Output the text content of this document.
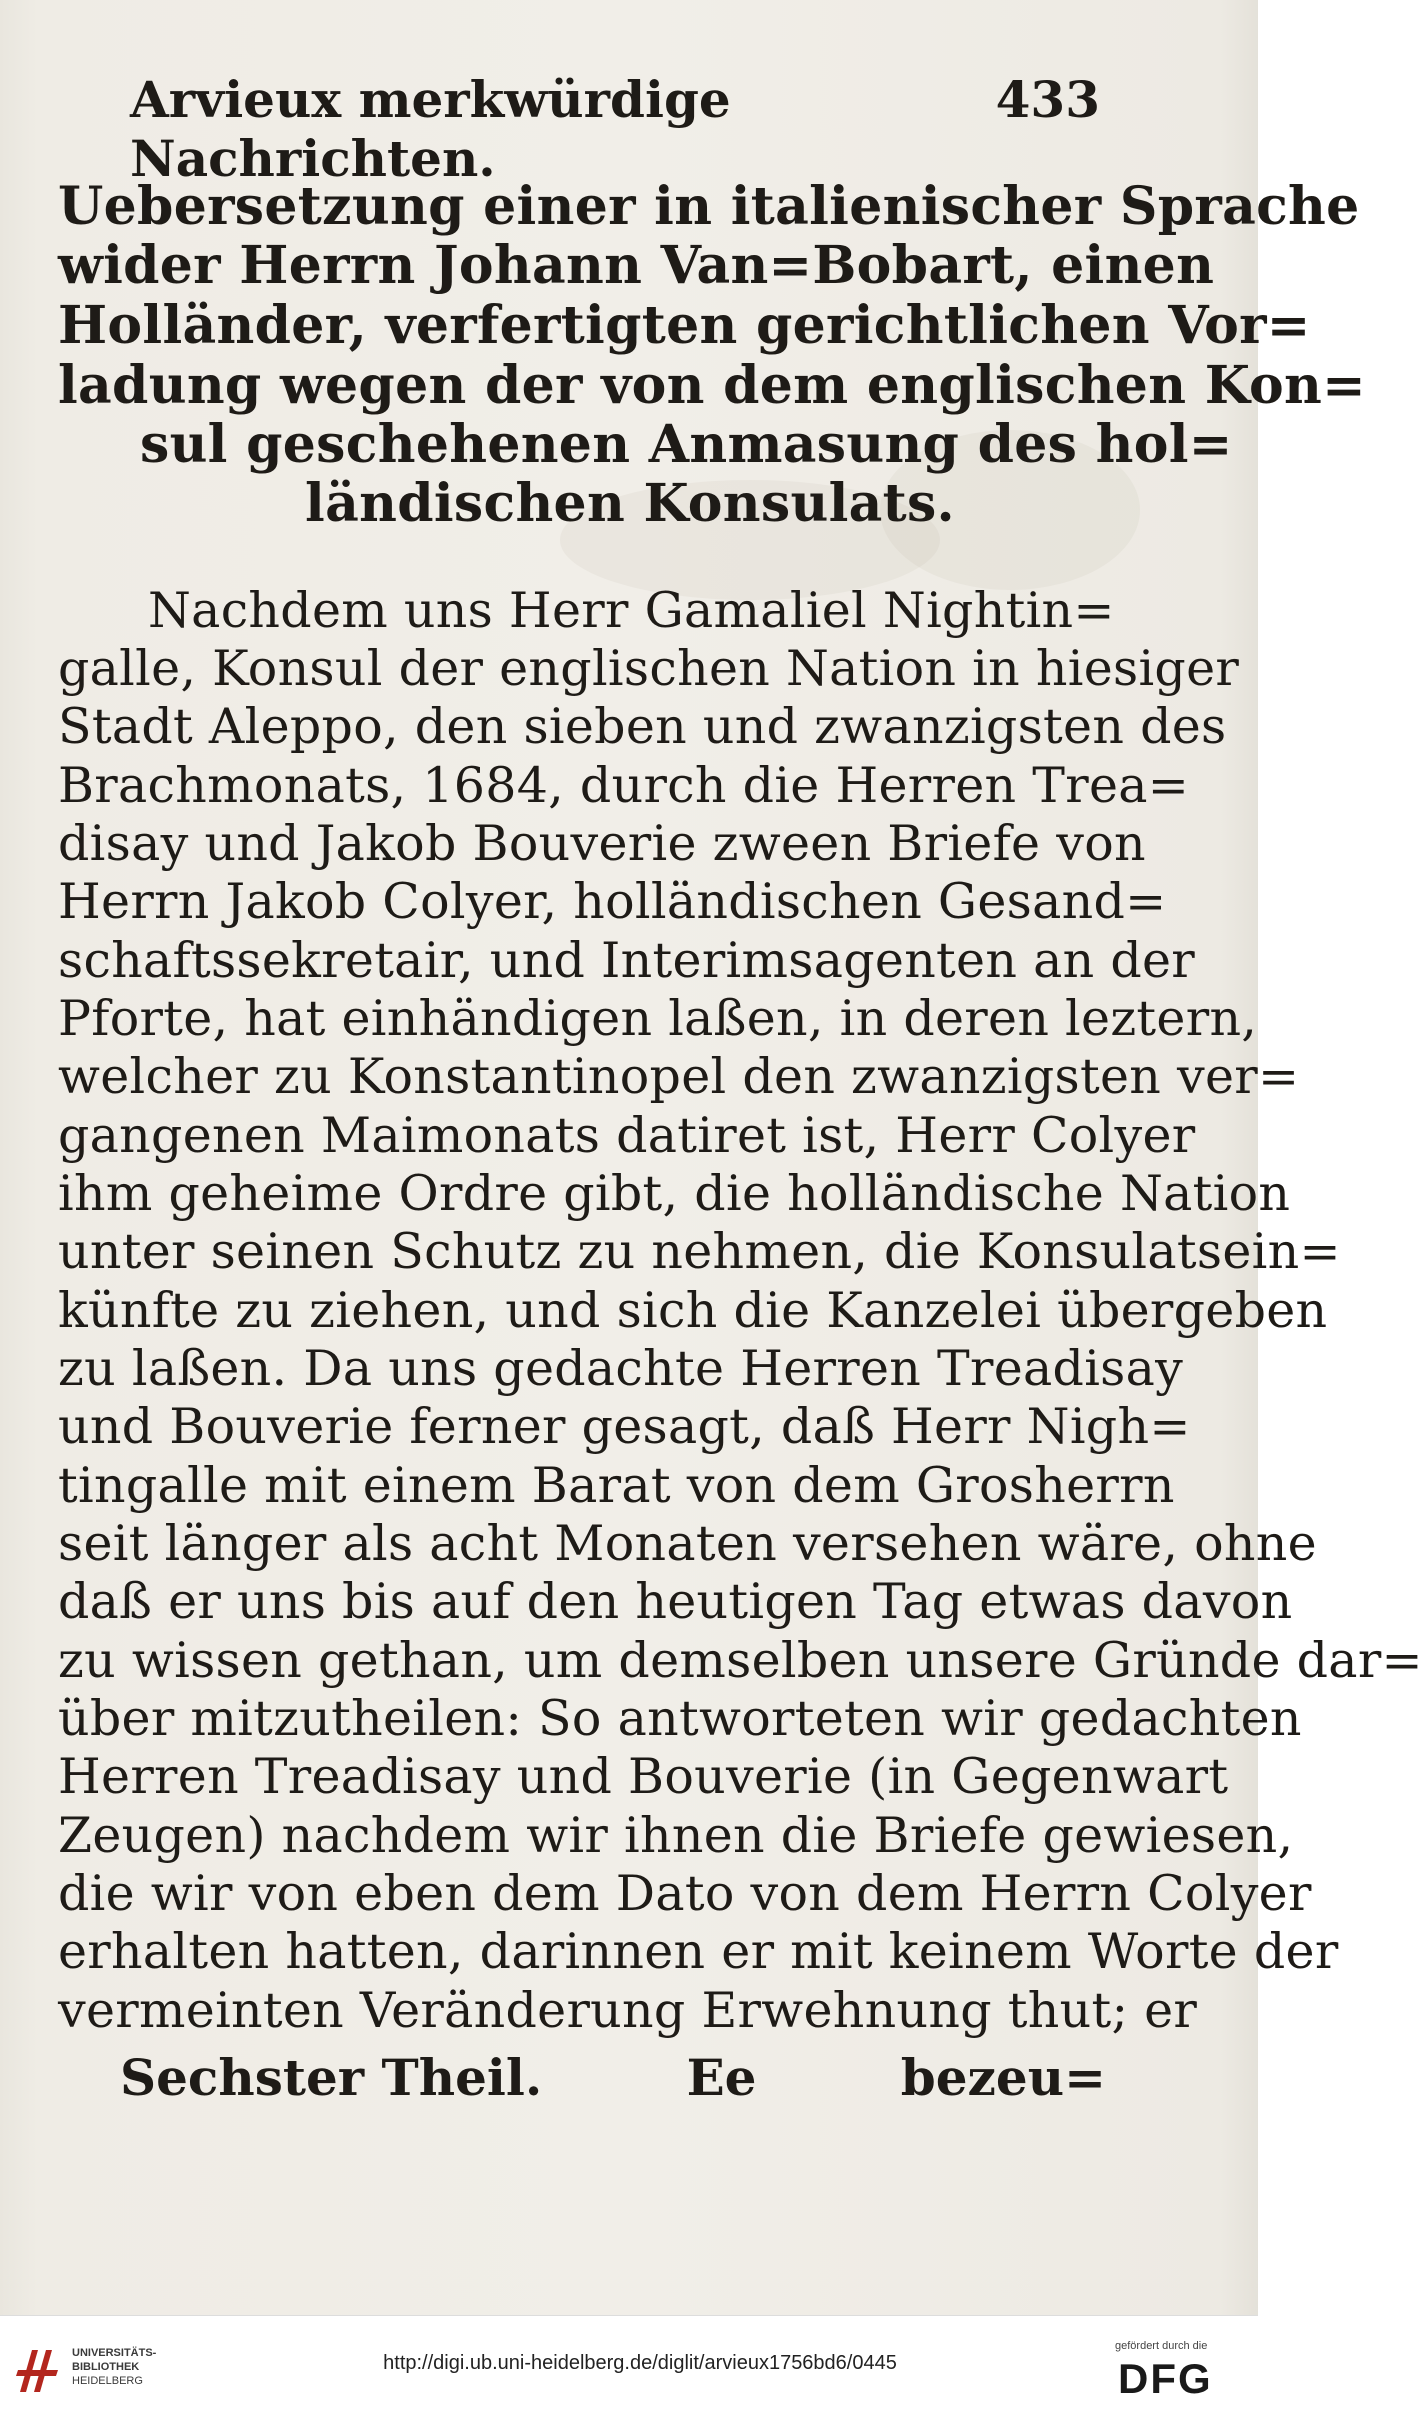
Arvieux merkwürdige Nachrichten.
433
Uebersetzung einer in italienischer Sprache
wider Herrn Johann Van=Bobart, einen
Holländer, verfertigten gerichtlichen Vor=
ladung wegen der von dem englischen Kon=
sul geschehenen Anmasung des hol=
ländischen Konsulats.
Nachdem uns Herr Gamaliel Nightin=
galle, Konsul der englischen Nation in hiesiger
Stadt Aleppo, den sieben und zwanzigsten des
Brachmonats, 1684, durch die Herren Trea=
disay und Jakob Bouverie zween Briefe von
Herrn Jakob Colyer, holländischen Gesand=
schaftssekretair, und Interimsagenten an der
Pforte, hat einhändigen laßen, in deren leztern,
welcher zu Konstantinopel den zwanzigsten ver=
gangenen Maimonats datiret ist, Herr Colyer
ihm geheime Ordre gibt, die holländische Nation
unter seinen Schutz zu nehmen, die Konsulatsein=
künfte zu ziehen, und sich die Kanzelei übergeben
zu laßen. Da uns gedachte Herren Treadisay
und Bouverie ferner gesagt, daß Herr Nigh=
tingalle mit einem Barat von dem Grosherrn
seit länger als acht Monaten versehen wäre, ohne
daß er uns bis auf den heutigen Tag etwas davon
zu wissen gethan, um demselben unsere Gründe dar=
über mitzutheilen: So antworteten wir gedachten
Herren Treadisay und Bouverie (in Gegenwart
Zeugen) nachdem wir ihnen die Briefe gewiesen,
die wir von eben dem Dato von dem Herrn Colyer
erhalten hatten, darinnen er mit keinem Worte der
vermeinten Veränderung Erwehnung thut; er
Sechster Theil.	Ee	bezeu=
UNIVERSITÄTS-
BIBLIOTHEK
HEIDELBERG
http://digi.ub.uni-heidelberg.de/diglit/arvieux1756bd6/0445
gefördert durch die
DFG
